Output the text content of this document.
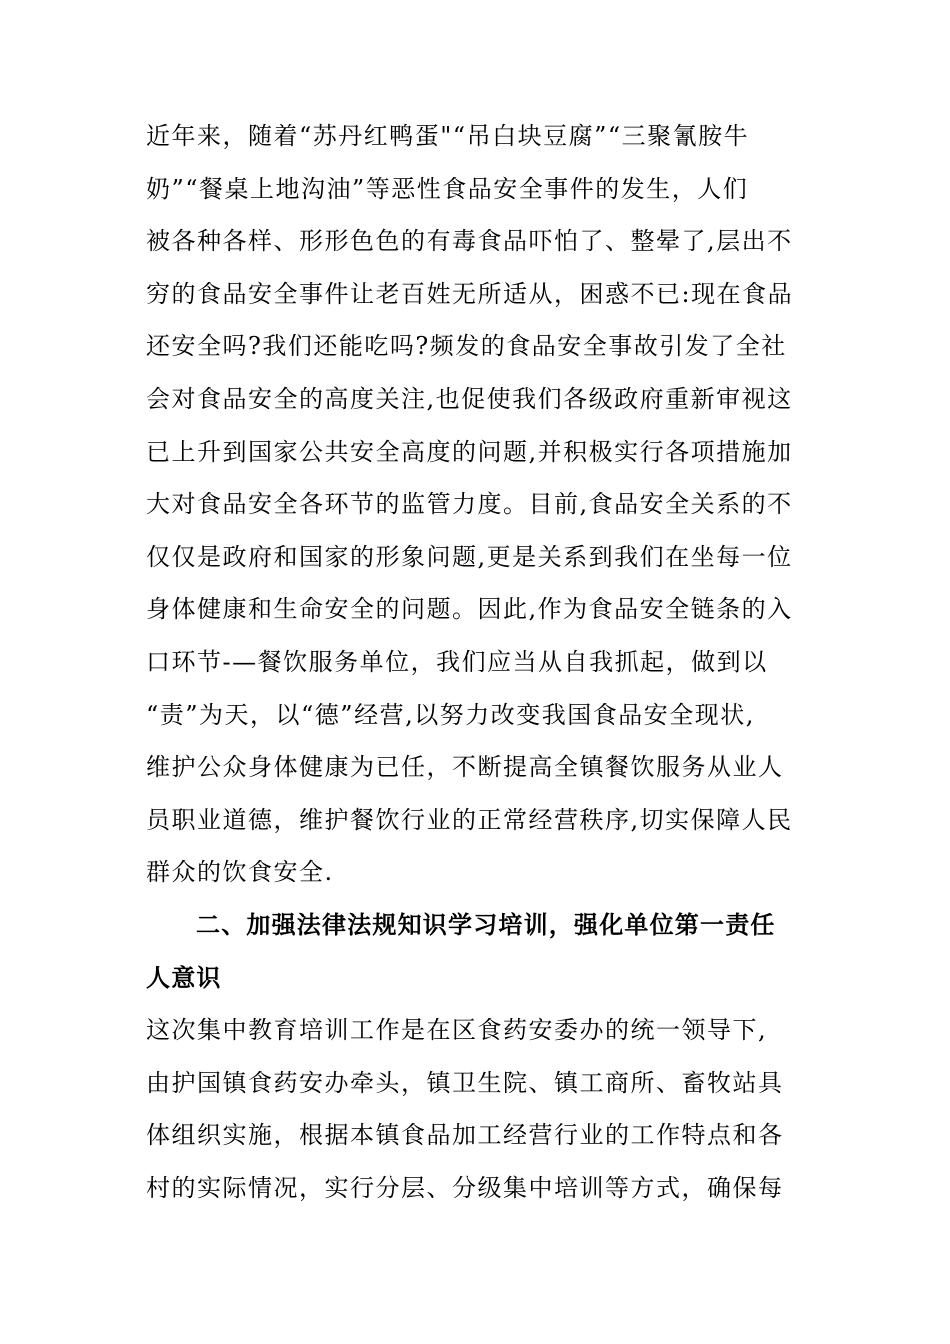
近年来，随着“苏丹红鸭蛋"“吊白块豆腐”“三聚氰胺牛
奶”“餐桌上地沟油”等恶性食品安全事件的发生，人们
被各种各样、形形色色的有毒食品吓怕了、整晕了,层出不
穷的食品安全事件让老百姓无所适从，困惑不已:现在食品
还安全吗?我们还能吃吗?频发的食品安全事故引发了全社
会对食品安全的高度关注,也促使我们各级政府重新审视这
已上升到国家公共安全高度的问题,并积极实行各项措施加
大对食品安全各环节的监管力度。目前,食品安全关系的不
仅仅是政府和国家的形象问题,更是关系到我们在坐每一位
身体健康和生命安全的问题。因此,作为食品安全链条的入
口环节-—餐饮服务单位，我们应当从自我抓起，做到以
“责”为天，以“德”经营,以努力改变我国食品安全现状,
维护公众身体健康为已任，不断提高全镇餐饮服务从业人
员职业道德，维护餐饮行业的正常经营秩序,切实保障人民
群众的饮食安全.
二、加强法律法规知识学习培训，强化单位第一责任
人意识
这次集中教育培训工作是在区食药安委办的统一领导下,
由护国镇食药安办牵头，镇卫生院、镇工商所、畜牧站具
体组织实施，根据本镇食品加工经营行业的工作特点和各
村的实际情况，实行分层、分级集中培训等方式，确保每
